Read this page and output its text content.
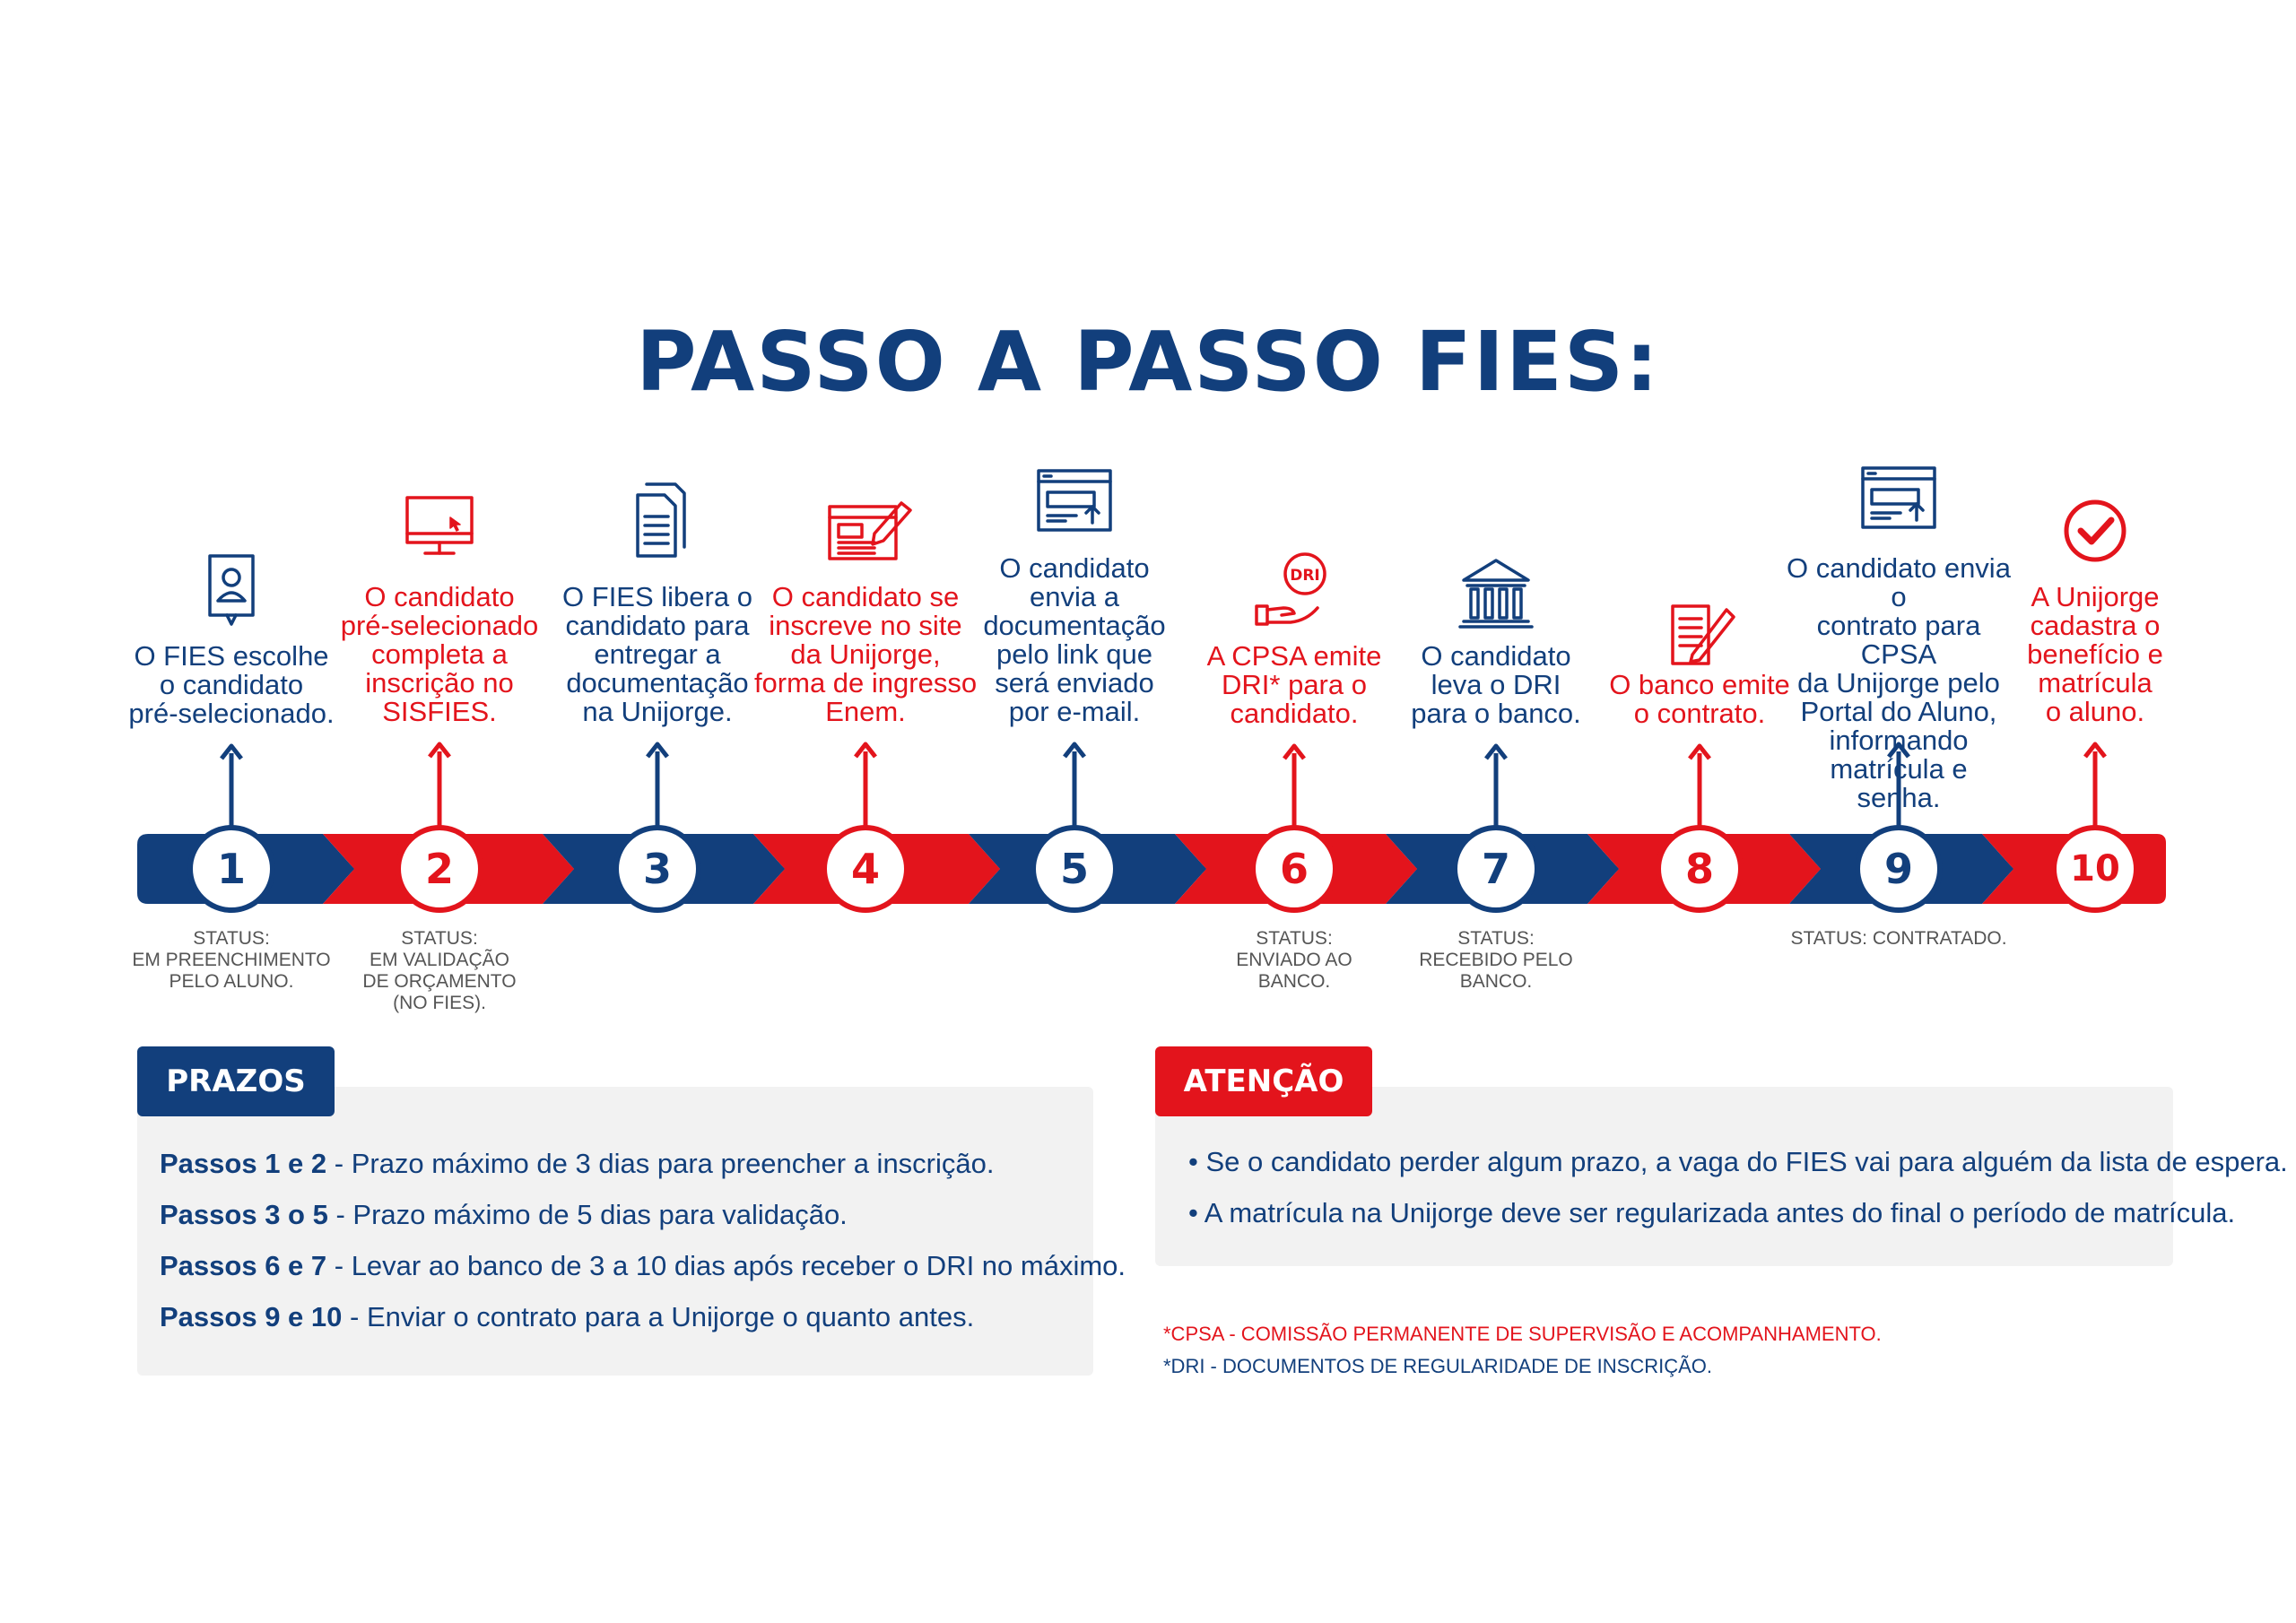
PASSO A PASSO FIES:
DRI
1
O FIES escolhe
o candidato
pré-selecionado.
STATUS:
EM PREENCHIMENTO
PELO ALUNO.
2
O candidato
pré-selecionado
completa a
inscrição no
SISFIES.
STATUS:
EM VALIDAÇÃO
DE ORÇAMENTO
(NO FIES).
3
O FIES libera o
candidato para
entregar a
documentação
na Unijorge.
4
O candidato se
inscreve no site
da Unijorge,
forma de ingresso
Enem.
5
O candidato
envia a
documentação
pelo link que
será enviado
por e-mail.
6
A CPSA emite
DRI* para o
candidato.
STATUS:
ENVIADO AO
BANCO.
7
O candidato
leva o DRI
para o banco.
STATUS:
RECEBIDO PELO
BANCO.
8
O banco emite
o contrato.
9
O candidato envia o
contrato para CPSA
da Unijorge pelo
Portal do Aluno,
informando
matrícula e senha.
STATUS: CONTRATADO.
10
A Unijorge
cadastra o
benefício e
matrícula
o aluno.
PRAZOS
Passos 1 e 2 - Prazo máximo de 3 dias para preencher a inscrição.
Passos 3 o 5 - Prazo máximo de 5 dias para validação.
Passos 6 e 7 - Levar ao banco de 3 a 10 dias após receber o DRI no máximo.
Passos 9 e 10 - Enviar o contrato para a Unijorge o quanto antes.
ATENÇÃO
• Se o candidato perder algum prazo, a vaga do FIES vai para alguém da lista de espera.
• A matrícula na Unijorge deve ser regularizada antes do final o período de matrícula.
*CPSA - COMISSÃO PERMANENTE DE SUPERVISÃO E ACOMPANHAMENTO.
*DRI - DOCUMENTOS DE REGULARIDADE DE INSCRIÇÃO.
